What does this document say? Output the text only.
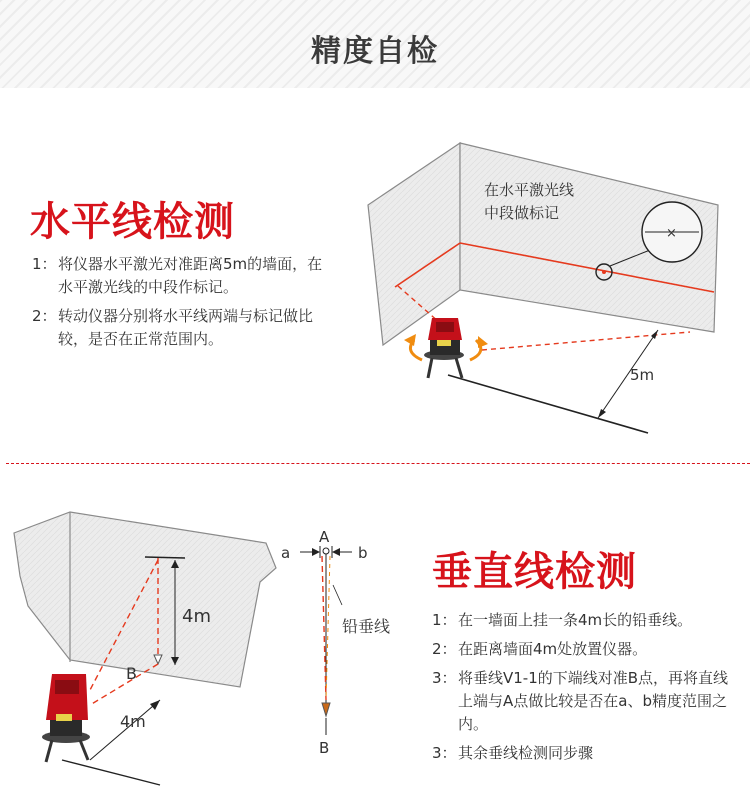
精度自检
水平线检测
1： 将仪器水平激光对准距离5m的墙面，在水平激光线的中段作标记。
2： 转动仪器分别将水平线两端与标记做比较，是否在正常范围内。
×
在水平激光线
中段做标记
5m
4m
B
4m
a	b
A
B
铅垂线
垂直线检测
1： 在一墙面上挂一条4m长的铅垂线。
2： 在距离墙面4m处放置仪器。
3： 将垂线V1-1的下端线对准B点，再将直线上端与A点做比较是否在a、b精度范围之内。
3： 其余垂线检测同步骤
